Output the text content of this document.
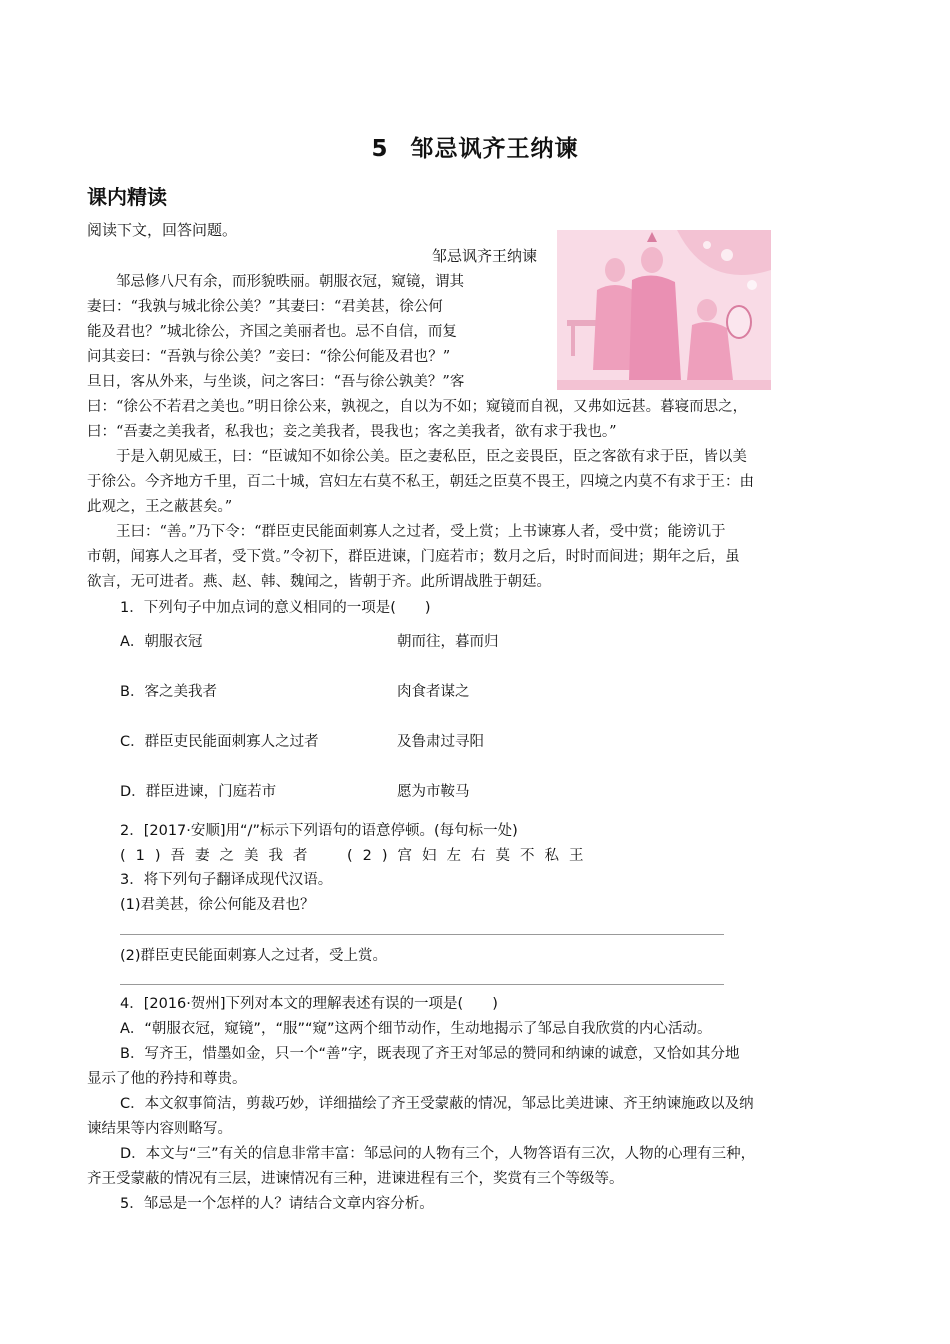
5 邹忌讽齐王纳谏
课内精读
阅读下文，回答问题。
邹忌讽齐王纳谏
　　邹忌修八尺有余，而形貌昳丽。朝服衣冠，窥镜，谓其
妻曰：“我孰与城北徐公美？”其妻曰：“君美甚，徐公何
能及君也？”城北徐公，齐国之美丽者也。忌不自信，而复
问其妾曰：“吾孰与徐公美？”妾曰：“徐公何能及君也？”
旦日，客从外来，与坐谈，问之客曰：“吾与徐公孰美？”客
曰：“徐公不若君之美也。”明日徐公来，孰视之，自以为不如；窥镜而自视，又弗如远甚。暮寝而思之，
曰：“吾妻之美我者，私我也；妾之美我者，畏我也；客之美我者，欲有求于我也。”
　　于是入朝见威王，曰：“臣诚知不如徐公美。臣之妻私臣，臣之妾畏臣，臣之客欲有求于臣，皆以美
于徐公。今齐地方千里，百二十城，宫妇左右莫不私王，朝廷之臣莫不畏王，四境之内莫不有求于王：由
此观之，王之蔽甚矣。”
　　王曰：“善。”乃下令：“群臣吏民能面刺寡人之过者，受上赏；上书谏寡人者，受中赏；能谤讥于
市朝，闻寡人之耳者，受下赏。”令初下，群臣进谏，门庭若市；数月之后，时时而间进；期年之后，虽
欲言，无可进者。燕、赵、韩、魏闻之，皆朝于齐。此所谓战胜于朝廷。
1．下列句子中加点词的意义相同的一项是(　　)
A．朝服衣冠	朝而往，暮而归
B．客之美我者	肉食者谋之
C．群臣吏民能面刺寡人之过者	及鲁肃过寻阳
D．群臣进谏，门庭若市	愿为市鞍马
2．[2017·安顺]用“/”标示下列语句的语意停顿。(每句标一处)
(1)吾妻之美我者 (2)宫妇左右莫不私王
3．将下列句子翻译成现代汉语。
(1)君美甚，徐公何能及君也？
(2)群臣吏民能面刺寡人之过者，受上赏。
4．[2016·贺州]下列对本文的理解表述有误的一项是(　　)
A．“朝服衣冠，窥镜”，“服”“窥”这两个细节动作，生动地揭示了邹忌自我欣赏的内心活动。
B．写齐王，惜墨如金，只一个“善”字，既表现了齐王对邹忌的赞同和纳谏的诚意，又恰如其分地
显示了他的矜持和尊贵。
C．本文叙事简洁，剪裁巧妙，详细描绘了齐王受蒙蔽的情况，邹忌比美进谏、齐王纳谏施政以及纳
谏结果等内容则略写。
D．本文与“三”有关的信息非常丰富：邹忌问的人物有三个，人物答语有三次，人物的心理有三种，
齐王受蒙蔽的情况有三层，进谏情况有三种，进谏进程有三个，奖赏有三个等级等。
5．邹忌是一个怎样的人？请结合文章内容分析。
